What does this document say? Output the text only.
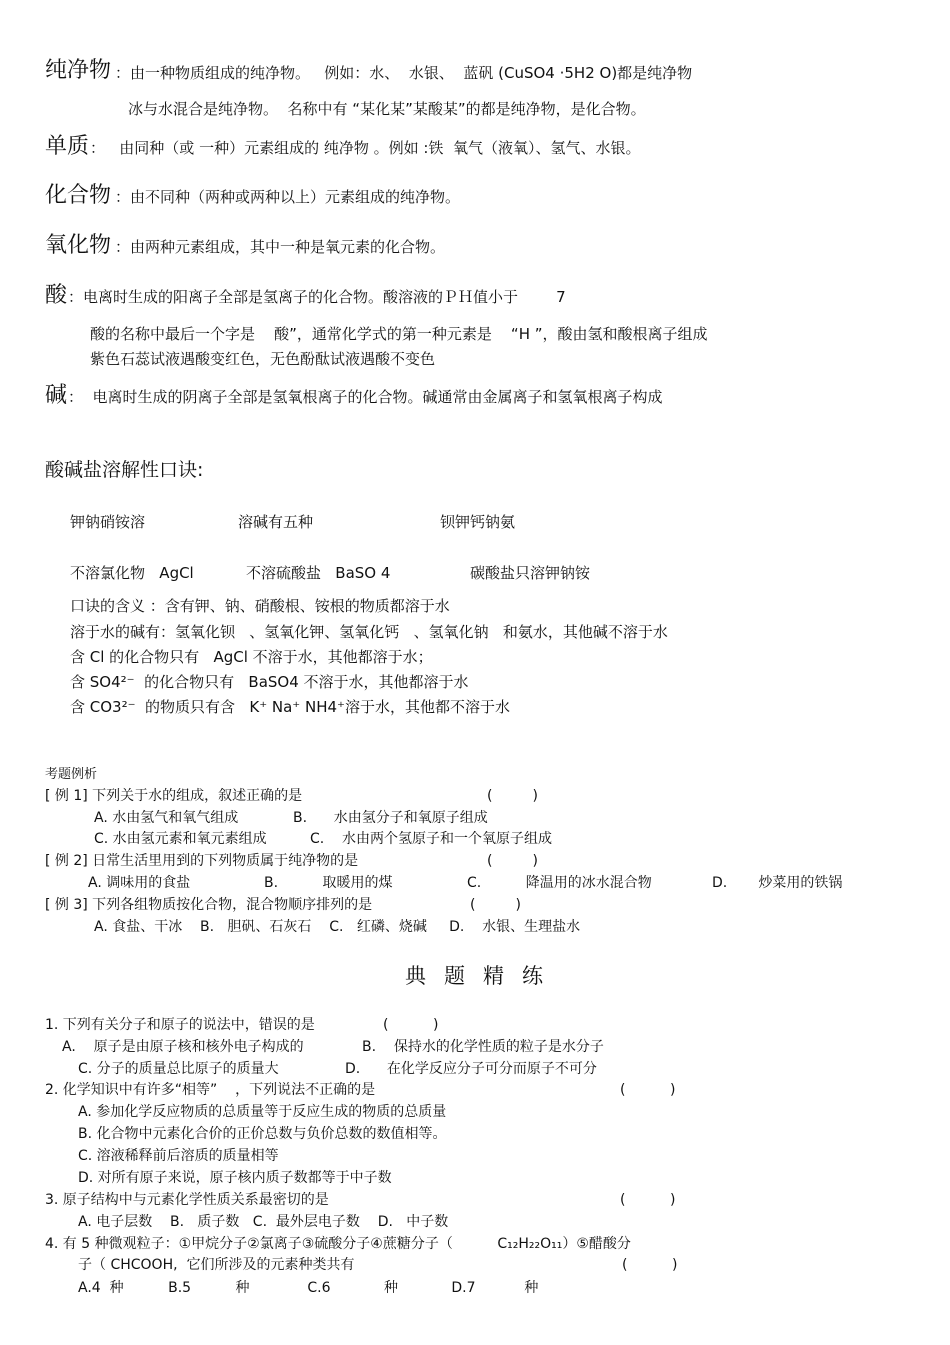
纯净物 ：由一种物质组成的纯净物。   例如：水、  水银、  蓝矾 (CuSO4 ·5H2 O)都是纯净物
冰与水混合是纯净物。  名称中有 “某化某”某酸某”的都是纯净物，是化合物。
单质 ：   由同种（或 一种）元素组成的 纯净物 。例如 :铁  氧气（液氧）、氢气、水银。
化合物 ：由不同种（两种或两种以上）元素组成的纯净物。
氧化物 ：由两种元素组成，其中一种是氧元素的化合物。
酸 ：电离时生成的阳离子全部是氢离子的化合物。酸溶液的ＰＨ值小于        7
酸的名称中最后一个字是    酸”，通常化学式的第一种元素是    “H ”，酸由氢和酸根离子组成
紫色石蕊试液遇酸变红色，无色酚酞试液遇酸不变色
碱 ：  电离时生成的阴离子全部是氢氧根离子的化合物。碱通常由金属离子和氢氧根离子构成
酸碱盐溶解性口诀:
钾钠硝铵溶	溶碱有五种	钡钾钙钠氨
不溶氯化物   AgCl	不溶硫酸盐   BaSO 4	碳酸盐只溶钾钠铵
口诀的含义 ：含有钾、钠、硝酸根、铵根的物质都溶于水
溶于水的碱有：氢氧化钡   、氢氧化钾、氢氧化钙   、氢氧化钠   和氨水，其他碱不溶于水
含 Cl 的化合物只有   AgCl 不溶于水，其他都溶于水；
含 SO4²⁻  的化合物只有   BaSO4 不溶于水，其他都溶于水
含 CO3²⁻  的物质只有含   K⁺ Na⁺ NH4⁺溶于水，其他都不溶于水
考题例析
[ 例 1] 下列关于水的组成，叙述正确的是	(         )
A. 水由氢气和氧气组成	B.      水由氢分子和氧原子组成
C. 水由氢元素和氧元素组成	C.    水由两个氢原子和一个氧原子组成
[ 例 2] 日常生活里用到的下列物质属于纯净物的是	(         )
A. 调味用的食盐	B.          取暖用的煤	C.          降温用的冰水混合物	D.       炒菜用的铁锅
[ 例 3] 下列各组物质按化合物，混合物顺序排列的是	(         )
A. 食盐、干冰    B.   胆矾、石灰石    C.   红磷、烧碱     D.    水银、生理盐水
典题精练
1. 下列有关分子和原子的说法中，错误的是	(          )
A.    原子是由原子核和核外电子构成的	B.    保持水的化学性质的粒子是水分子
C. 分子的质量总比原子的质量大	D.      在化学反应分子可分而原子不可分
2. 化学知识中有许多“相等”    ，下列说法不正确的是	(          )
A. 参加化学反应物质的总质量等于反应生成的物质的总质量
B. 化合物中元素化合价的正价总数与负价总数的数值相等。
C. 溶液稀释前后溶质的质量相等
D. 对所有原子来说，原子核内质子数都等于中子数
3. 原子结构中与元素化学性质关系最密切的是	(          )
A. 电子层数    B.   质子数   C.  最外层电子数    D.   中子数
4. 有 5 种微观粒子：①甲烷分子②氯离子③硫酸分子④蔗糖分子（          C₁₂H₂₂O₁₁）⑤醋酸分
子（ CHCOOH,  它们所涉及的元素种类共有	(          )
A.4  种          B.5          种             C.6            种            D.7           种
